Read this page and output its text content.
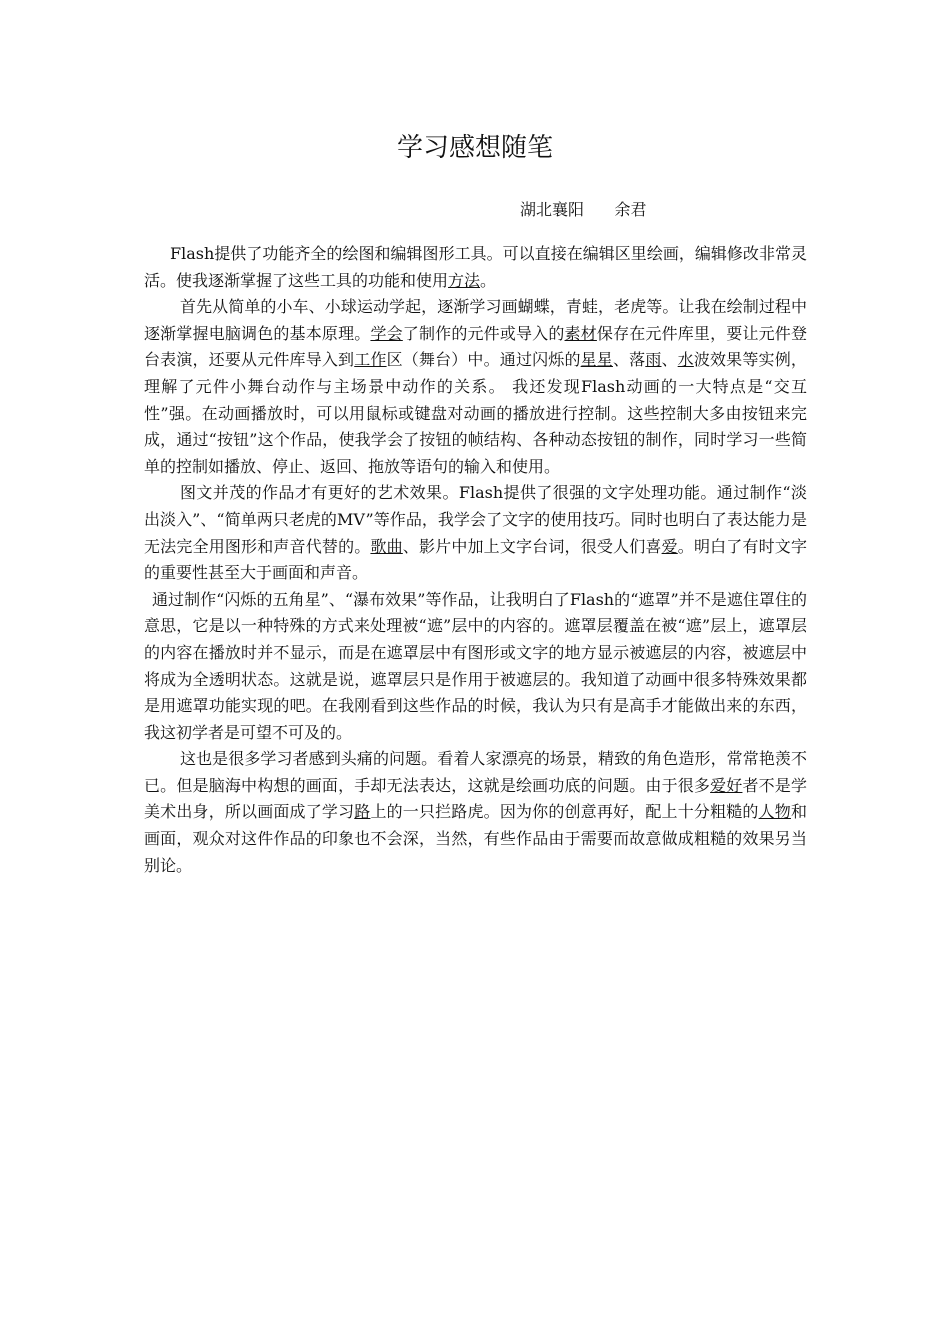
学习感想随笔
湖北襄阳      余君

Flash提供了功能齐全的绘图和编辑图形工具。可以直接在编辑区里绘画，编辑修改非常灵活。使我逐渐掌握了这些工具的功能和使用方法。

首先从简单的小车、小球运动学起，逐渐学习画蝴蝶，青蛙，老虎等。让我在绘制过程中逐渐掌握电脑调色的基本原理。学会了制作的元件或导入的素材保存在元件库里，要让元件登台表演，还要从元件库导入到工作区（舞台）中。通过闪烁的星星、落雨、水波效果等实例，理解了元件小舞台动作与主场景中动作的关系。 我还发现Flash动画的一大特点是“交互性”强。在动画播放时，可以用鼠标或键盘对动画的播放进行控制。这些控制大多由按钮来完成，通过“按钮”这个作品，使我学会了按钮的帧结构、各种动态按钮的制作，同时学习一些简单的控制如播放、停止、返回、拖放等语句的输入和使用。

图文并茂的作品才有更好的艺术效果。Flash提供了很强的文字处理功能。通过制作“淡出淡入”、“简单两只老虎的MV”等作品，我学会了文字的使用技巧。同时也明白了表达能力是无法完全用图形和声音代替的。歌曲、影片中加上文字台词，很受人们喜爱。明白了有时文字的重要性甚至大于画面和声音。

通过制作“闪烁的五角星”、“瀑布效果”等作品，让我明白了Flash的“遮罩”并不是遮住罩住的意思，它是以一种特殊的方式来处理被“遮”层中的内容的。遮罩层覆盖在被“遮”层上，遮罩层的内容在播放时并不显示，而是在遮罩层中有图形或文字的地方显示被遮层的内容，被遮层中将成为全透明状态。这就是说，遮罩层只是作用于被遮层的。我知道了动画中很多特殊效果都是用遮罩功能实现的吧。在我刚看到这些作品的时候，我认为只有是高手才能做出来的东西，我这初学者是可望不可及的。

这也是很多学习者感到头痛的问题。看着人家漂亮的场景，精致的角色造形，常常艳羡不已。但是脑海中构想的画面，手却无法表达，这就是绘画功底的问题。由于很多爱好者不是学美术出身，所以画面成了学习路上的一只拦路虎。因为你的创意再好，配上十分粗糙的人物和画面，观众对这件作品的印象也不会深，当然，有些作品由于需要而故意做成粗糙的效果另当别论。
